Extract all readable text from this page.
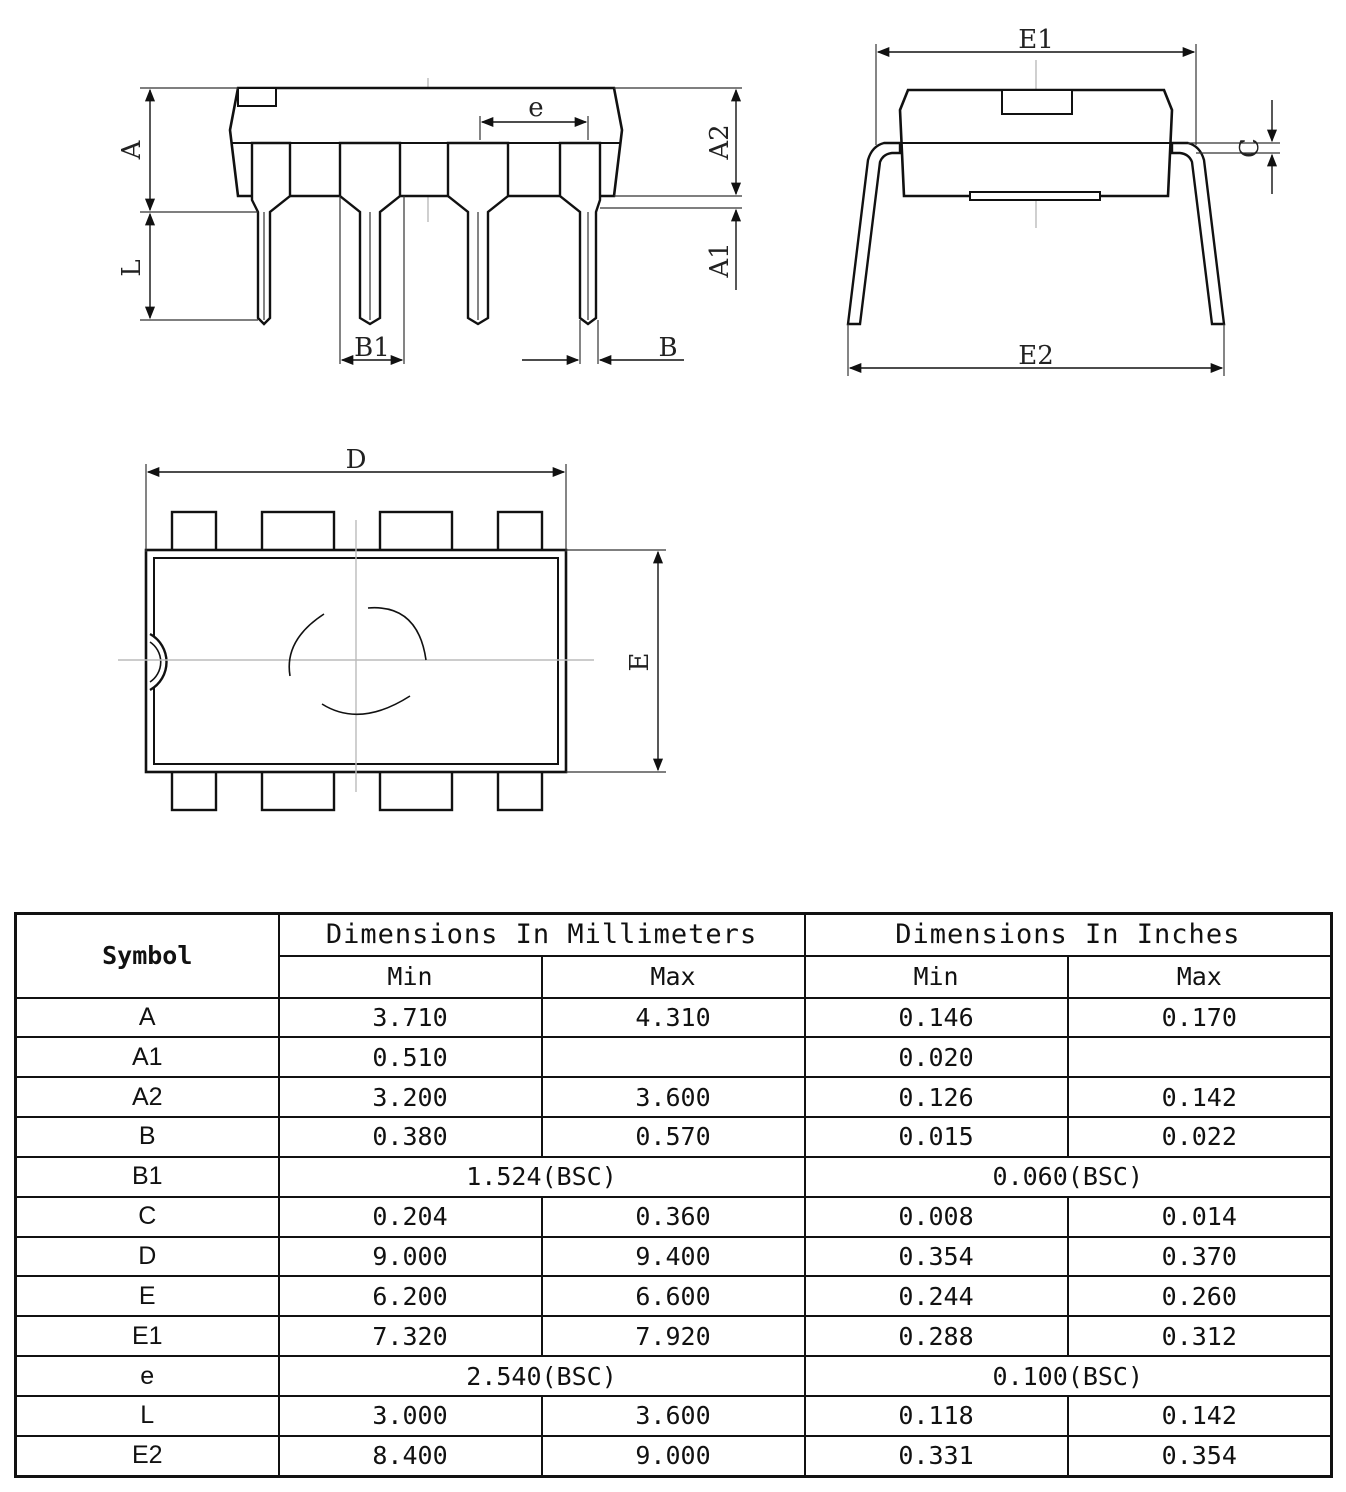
A
L
A2
A1
e
B1	B
E1
E2
C
D
E
Symbol	Dimensions In Millimeters		Dimensions In Inches	
	Min	Max	Min	Max
A	3.710	4.310	0.146	0.170
A1	0.510		0.020	
A2	3.200	3.600	0.126	0.142
B	0.380	0.570	0.015	0.022
B1	1.524(BSC)		0.060(BSC)	
C	0.204	0.360	0.008	0.014
D	9.000	9.400	0.354	0.370
E	6.200	6.600	0.244	0.260
E1	7.320	7.920	0.288	0.312
e	2.540(BSC)		0.100(BSC)	
L	3.000	3.600	0.118	0.142
E2	8.400	9.000	0.331	0.354
